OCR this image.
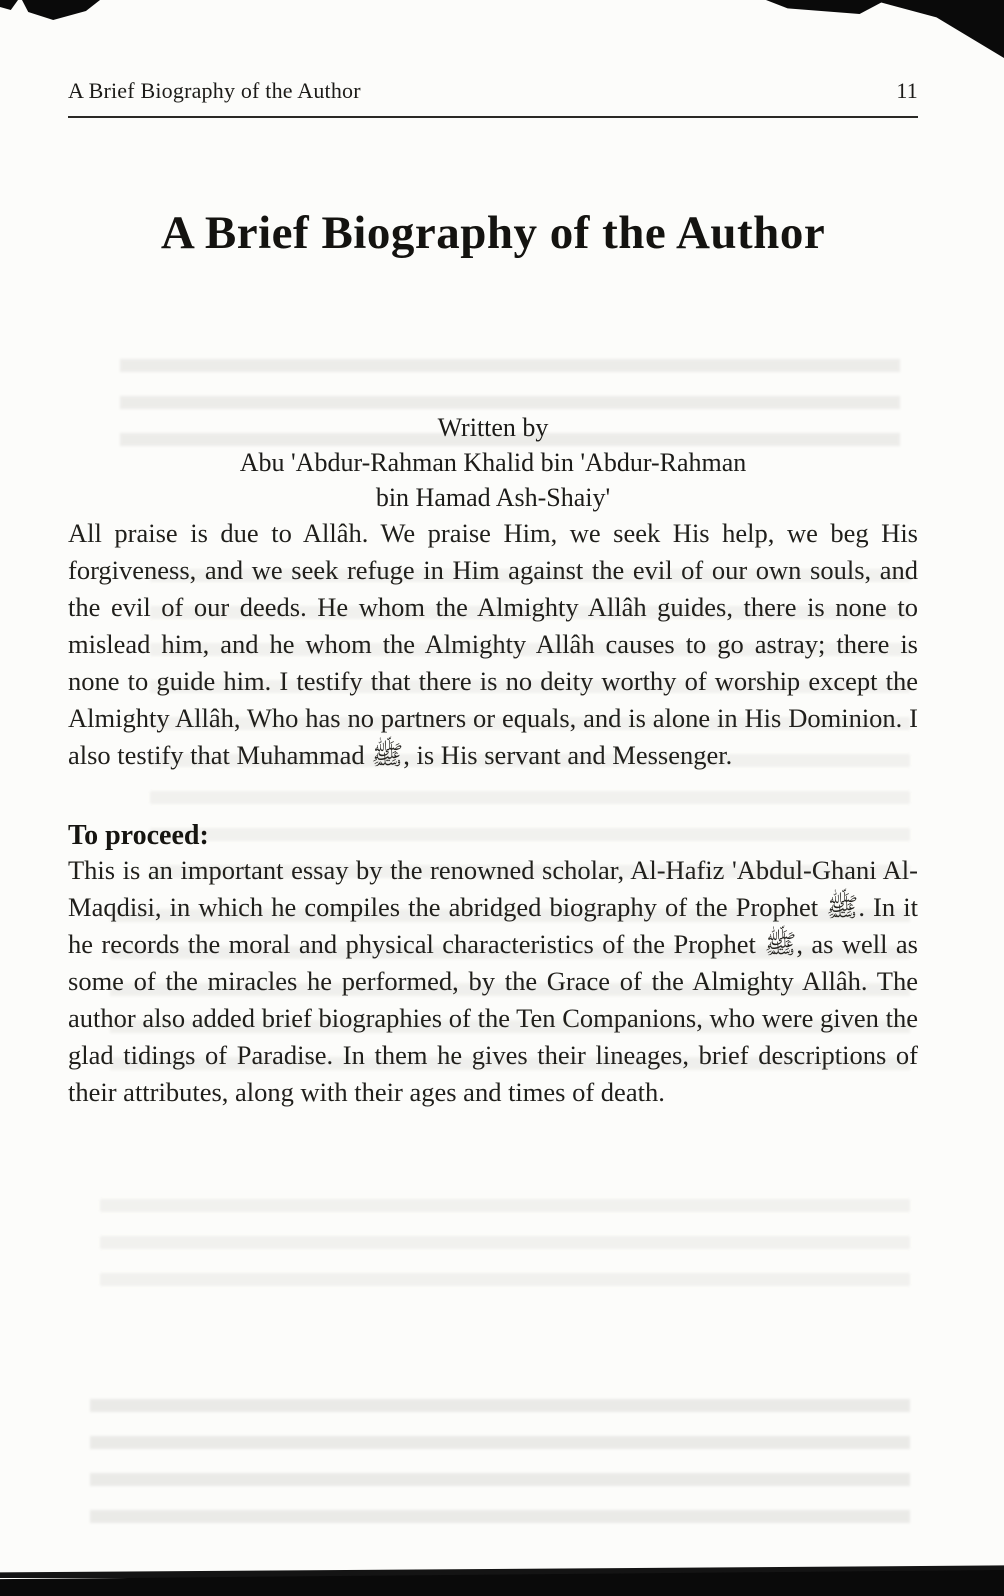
A Brief Biography of the Author	11
A Brief Biography of the Author

Written by

Abu 'Abdur-Rahman Khalid bin 'Abdur-Rahman

bin Hamad Ash-Shaiy'

All praise is due to Allâh. We praise Him, we seek His help, we beg His forgiveness, and we seek refuge in Him against the evil of our own souls, and the evil of our deeds. He whom the Almighty Allâh guides, there is none to mislead him, and he whom the Almighty Allâh causes to go astray; there is none to guide him. I testify that there is no deity worthy of worship except the Almighty Allâh, Who has no partners or equals, and is alone in His Dominion. I also testify that Muhammad ﷺ, is His servant and Messenger.

To proceed:

This is an important essay by the renowned scholar, Al-Hafiz 'Abdul-Ghani Al-Maqdisi, in which he compiles the abridged biography of the Prophet ﷺ. In it he records the moral and physical characteristics of the Prophet ﷺ, as well as some of the miracles he performed, by the Grace of the Almighty Allâh. The author also added brief biographies of the Ten Companions, who were given the glad tidings of Paradise. In them he gives their lineages, brief descriptions of their attributes, along with their ages and times of death.
